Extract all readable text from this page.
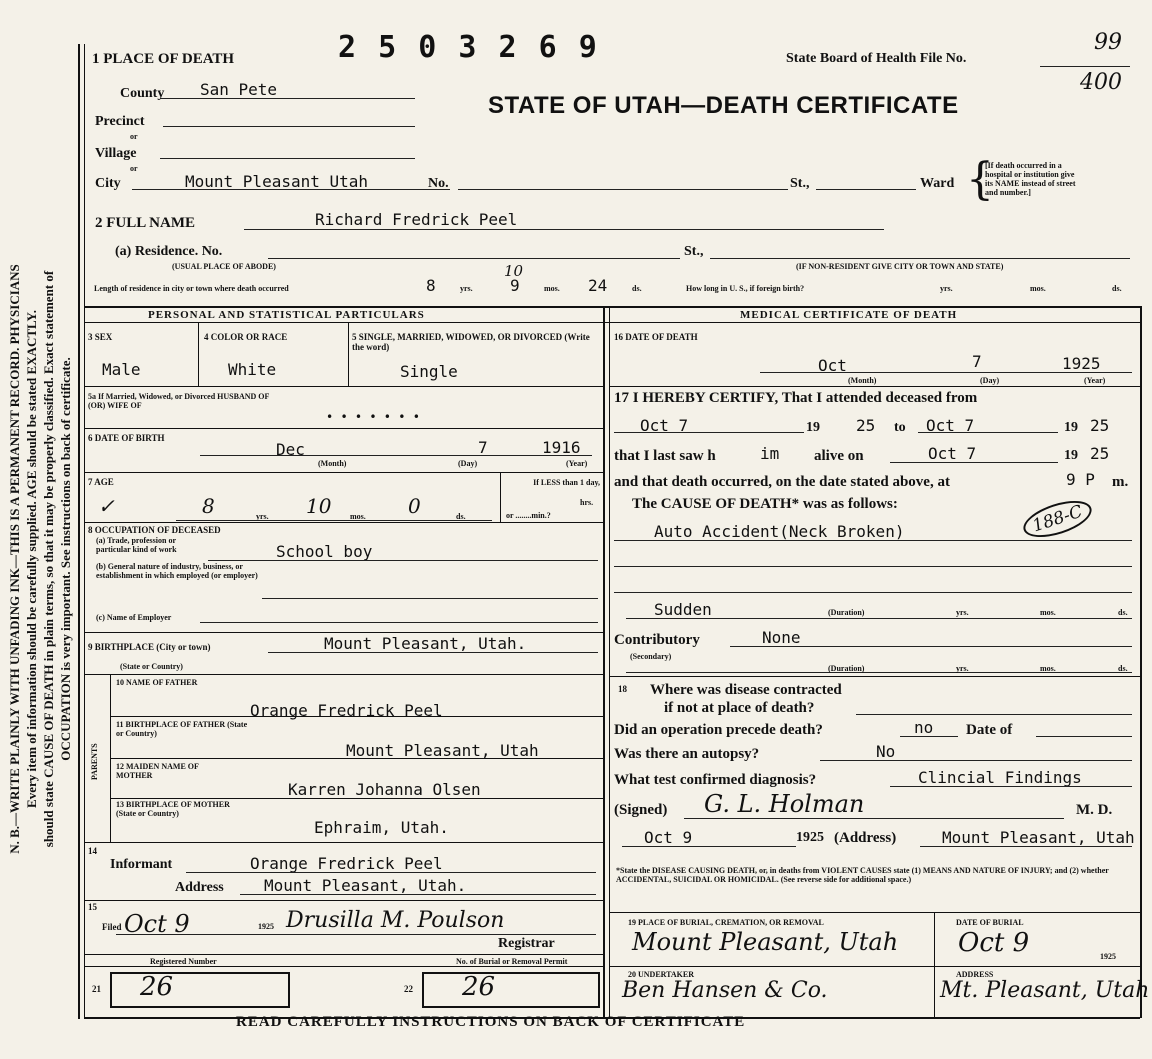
N. B.—WRITE PLAINLY WITH UNFADING INK—THIS IS A PERMANENT RECORD. PHYSICIANS Every item of information should be carefully supplied. AGE should be stated EXACTLY. should state CAUSE OF DEATH in plain terms, so that it may be properly classified. Exact statement of OCCUPATION is very important. See instructions on back of certificate.
1 PLACE OF DEATH	2 5 0 3 2 6 9	State Board of Health File No.
99
400
STATE OF UTAH—DEATH CERTIFICATE
County San Pete
Precinct
or
Village
or
City	Mount Pleasant Utah	No.	St.,	Ward {
[If death occurred in a
hospital or institution give
its NAME instead of street
and number.]
2 FULL NAME	Richard Fredrick Peel
(a) Residence. No.
(USUAL PLACE OF ABODE)
St.,
(IF NON-RESIDENT GIVE CITY OR TOWN AND STATE)
Length of residence in city or town where death occurred	8	yrs. 9
10
mos. 24	ds.	How long in U. S., if foreign birth?	yrs.	mos.	ds.
PERSONAL AND STATISTICAL PARTICULARS	MEDICAL CERTIFICATE OF DEATH
3 SEX	4 COLOR OR RACE	5 SINGLE, MARRIED, WIDOWED, OR DIVORCED (Write the word)
Male	White	Single
5a If Married, Widowed, or Divorced HUSBAND OF (OR) WIFE OF
• • • • • • •
6 DATE OF BIRTH
Dec	7	1916
(Month)	(Day)	(Year)
7 AGE
✓	8	yrs. 10 mos. 0	ds.
If LESS than 1 day,
hrs.
or ........min.?
8 OCCUPATION OF DECEASED
(a) Trade, profession or particular kind of work	School boy
(b) General nature of industry, business, or establishment in which employed (or employer)
(c) Name of Employer
9 BIRTHPLACE (City or town)	Mount Pleasant, Utah.
(State or Country)
PARENTS
10 NAME OF FATHER
Orange Fredrick Peel
11 BIRTHPLACE OF FATHER (State or Country)
Mount Pleasant, Utah
12 MAIDEN NAME OF MOTHER
Karren Johanna Olsen
13 BIRTHPLACE OF MOTHER (State or Country)
Ephraim, Utah.
14
Informant	Orange Fredrick Peel
Address	Mount Pleasant, Utah.
15
Filed Oct 9	1925 Drusilla M. Poulson
Registrar
Registered Number	No. of Burial or Removal Permit
21 26	22 26
16 DATE OF DEATH
Oct	7	1925
(Month)	(Day)	(Year)
17 I HEREBY CERTIFY, That I attended deceased from
Oct 7	19 25 to Oct 7	19 25
that I last saw h	im alive on	Oct 7	19 25
and that death occurred, on the date stated above, at	9 P m.
The CAUSE OF DEATH* was as follows:
Auto Accident(Neck Broken)	188-C
Sudden	(Duration)	yrs.	mos.	ds.
Contributory
(Secondary)
None
(Duration)	yrs.	mos.	ds.
18 Where was disease contracted
if not at place of death?
Did an operation precede death?	no Date of
Was there an autopsy?	No
What test confirmed diagnosis?	Clincial Findings
(Signed) G. L. Holman	M. D.
Oct 9	1925 (Address)	Mount Pleasant, Utah
*State the DISEASE CAUSING DEATH, or, in deaths from VIOLENT CAUSES state (1) MEANS AND NATURE OF INJURY; and (2) whether ACCIDENTAL, SUICIDAL OR HOMICIDAL. (See reverse side for additional space.)
19 PLACE OF BURIAL, CREMATION, OR REMOVAL
Mount Pleasant, Utah
DATE OF BURIAL
Oct 9	1925
20 UNDERTAKER
Ben Hansen & Co.
ADDRESS
Mt. Pleasant, Utah
READ CAREFULLY INSTRUCTIONS ON BACK OF CERTIFICATE
